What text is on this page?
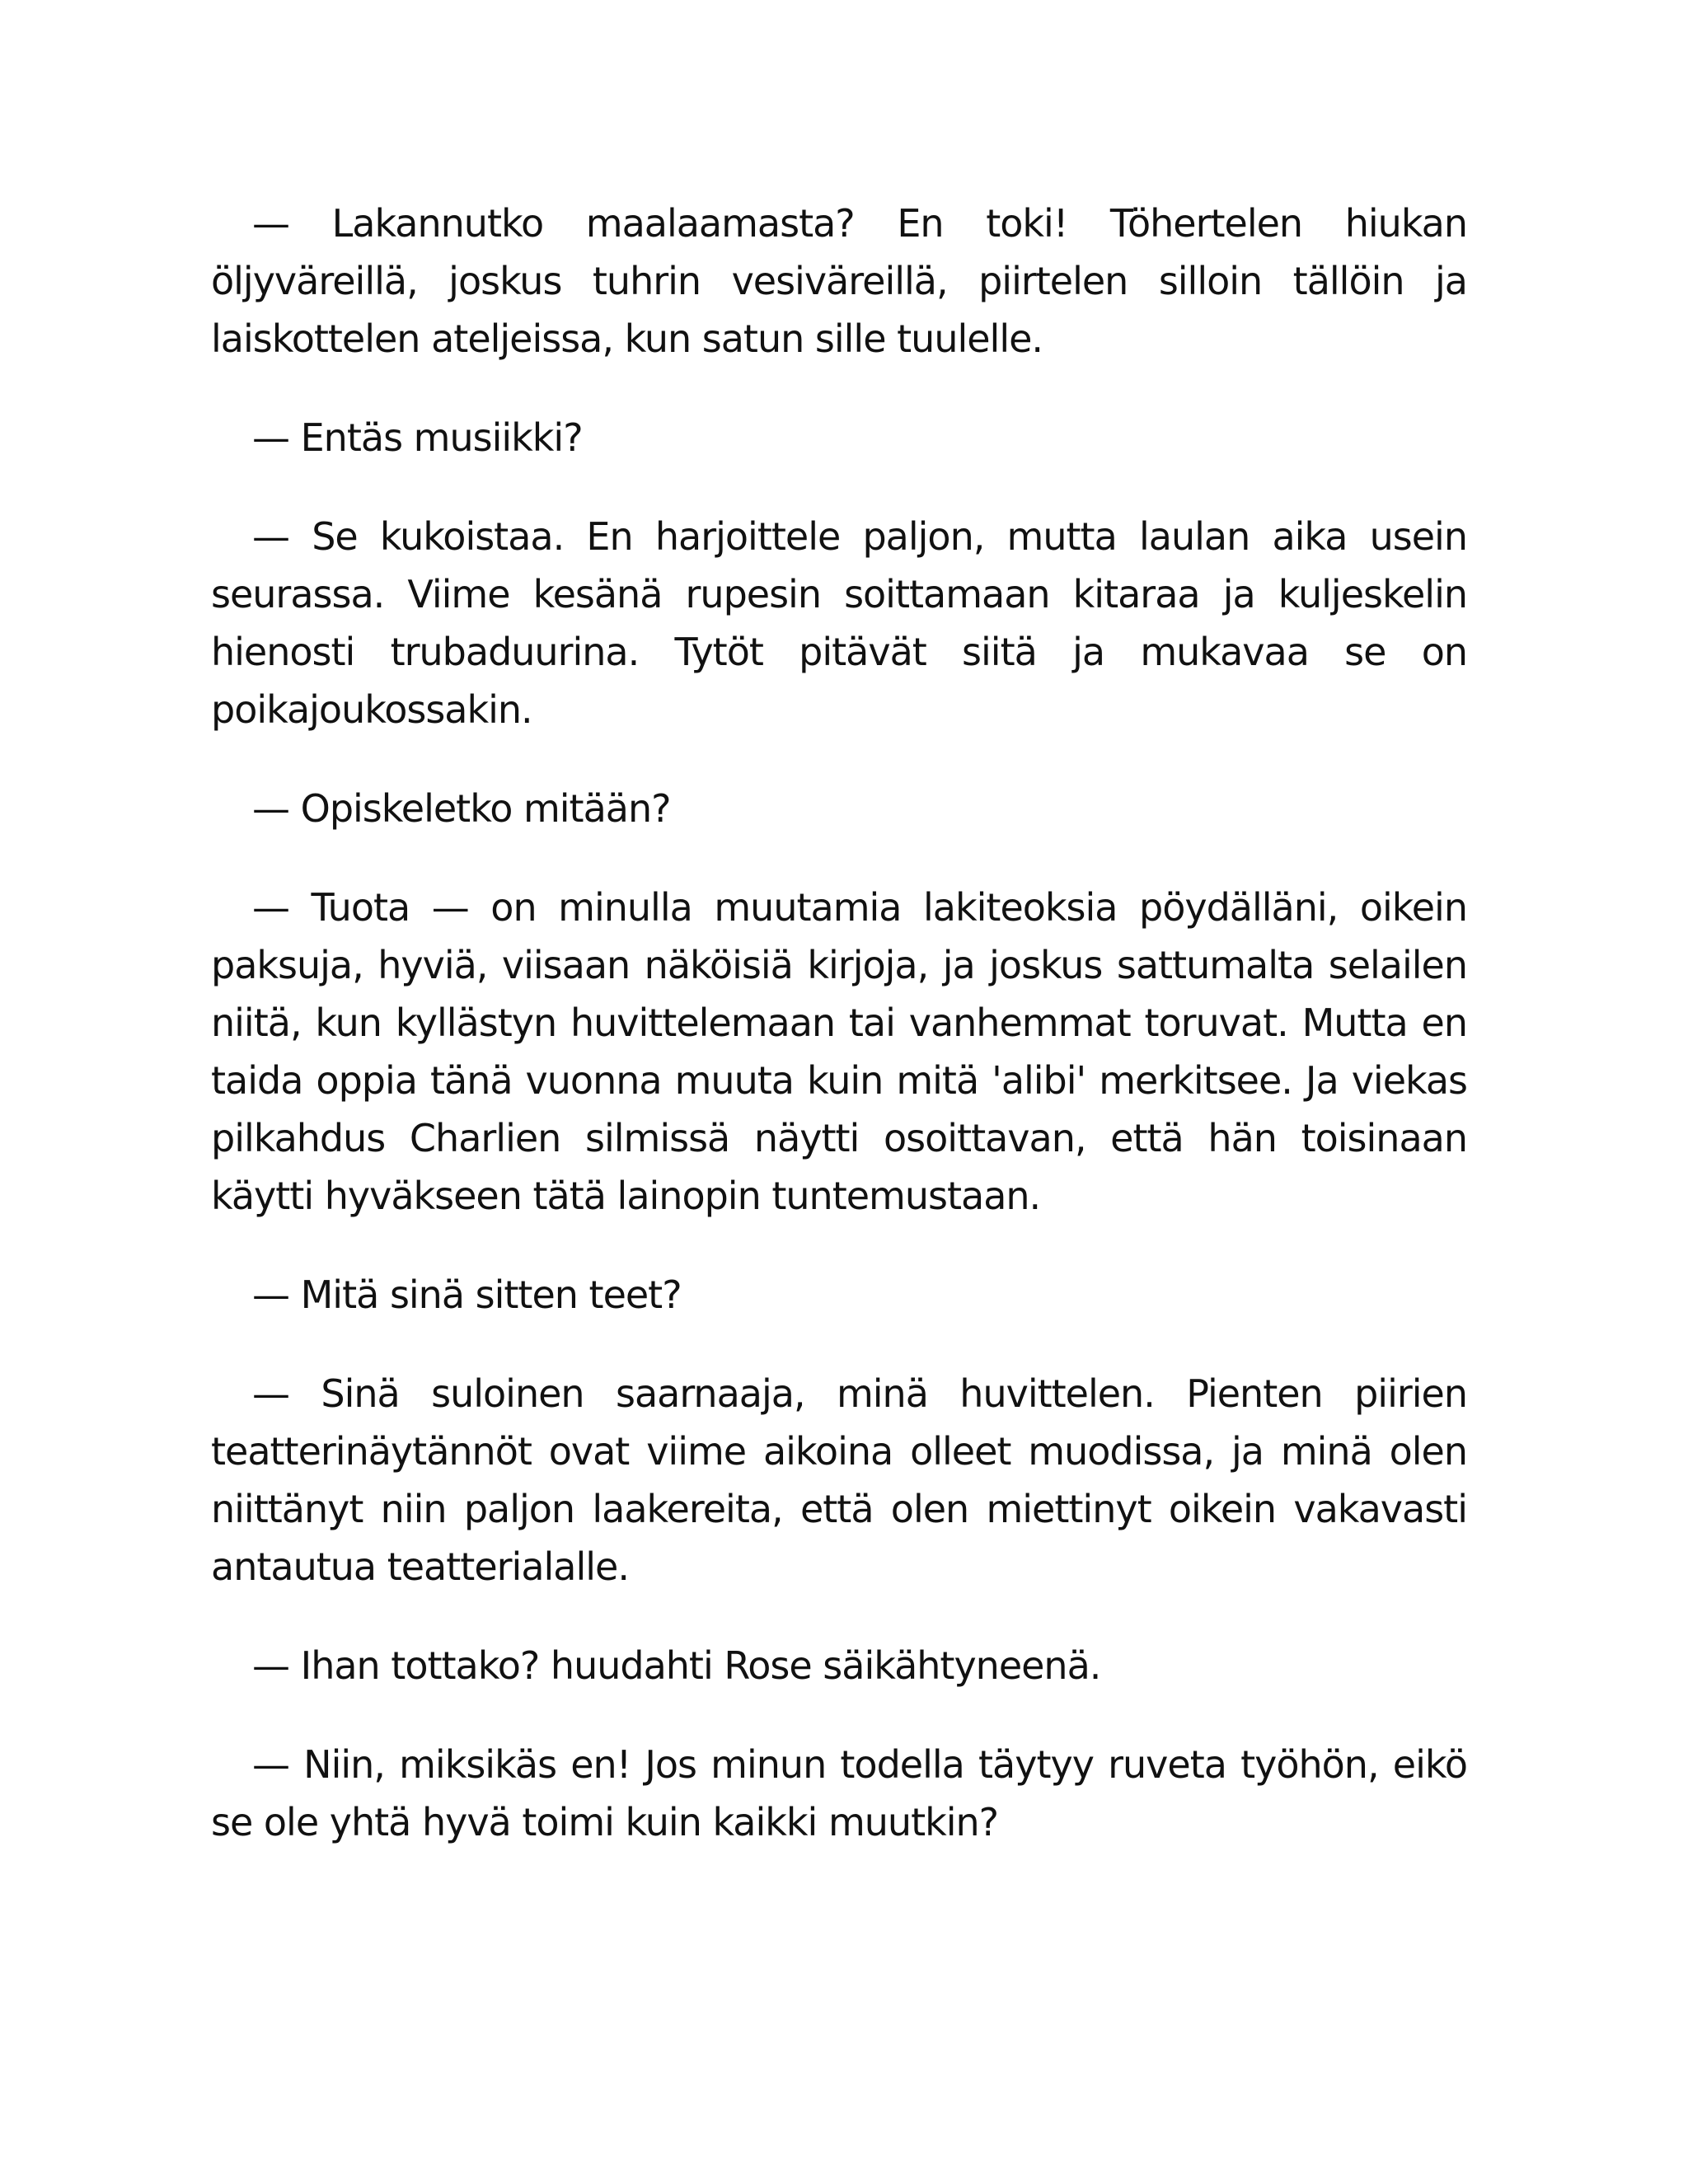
— Lakannutko maalaamasta? En toki! Töhertelen hiukan öljyväreillä, joskus tuhrin vesiväreillä, piirtelen silloin tällöin ja laiskottelen ateljeissa, kun satun sille tuulelle.

— Entäs musiikki?

— Se kukoistaa. En harjoittele paljon, mutta laulan aika usein seurassa. Viime kesänä rupesin soittamaan kitaraa ja kuljeskelin hienosti trubaduurina. Tytöt pitävät siitä ja mukavaa se on poikajoukossakin.

— Opiskeletko mitään?

— Tuota — on minulla muutamia lakiteoksia pöydälläni, oikein paksuja, hyviä, viisaan näköisiä kirjoja, ja joskus sattumalta selailen niitä, kun kyllästyn huvittelemaan tai vanhemmat toruvat. Mutta en taida oppia tänä vuonna muuta kuin mitä 'alibi' merkitsee. Ja viekas pilkahdus Charlien silmissä näytti osoittavan, että hän toisinaan käytti hyväkseen tätä lainopin tuntemustaan.

— Mitä sinä sitten teet?

— Sinä suloinen saarnaaja, minä huvittelen. Pienten piirien teatterinäytännöt ovat viime aikoina olleet muodissa, ja minä olen niittänyt niin paljon laakereita, että olen miettinyt oikein vakavasti antautua teatterialalle.

— Ihan tottako? huudahti Rose säikähtyneenä.

— Niin, miksikäs en! Jos minun todella täytyy ruveta työhön, eikö se ole yhtä hyvä toimi kuin kaikki muutkin?
